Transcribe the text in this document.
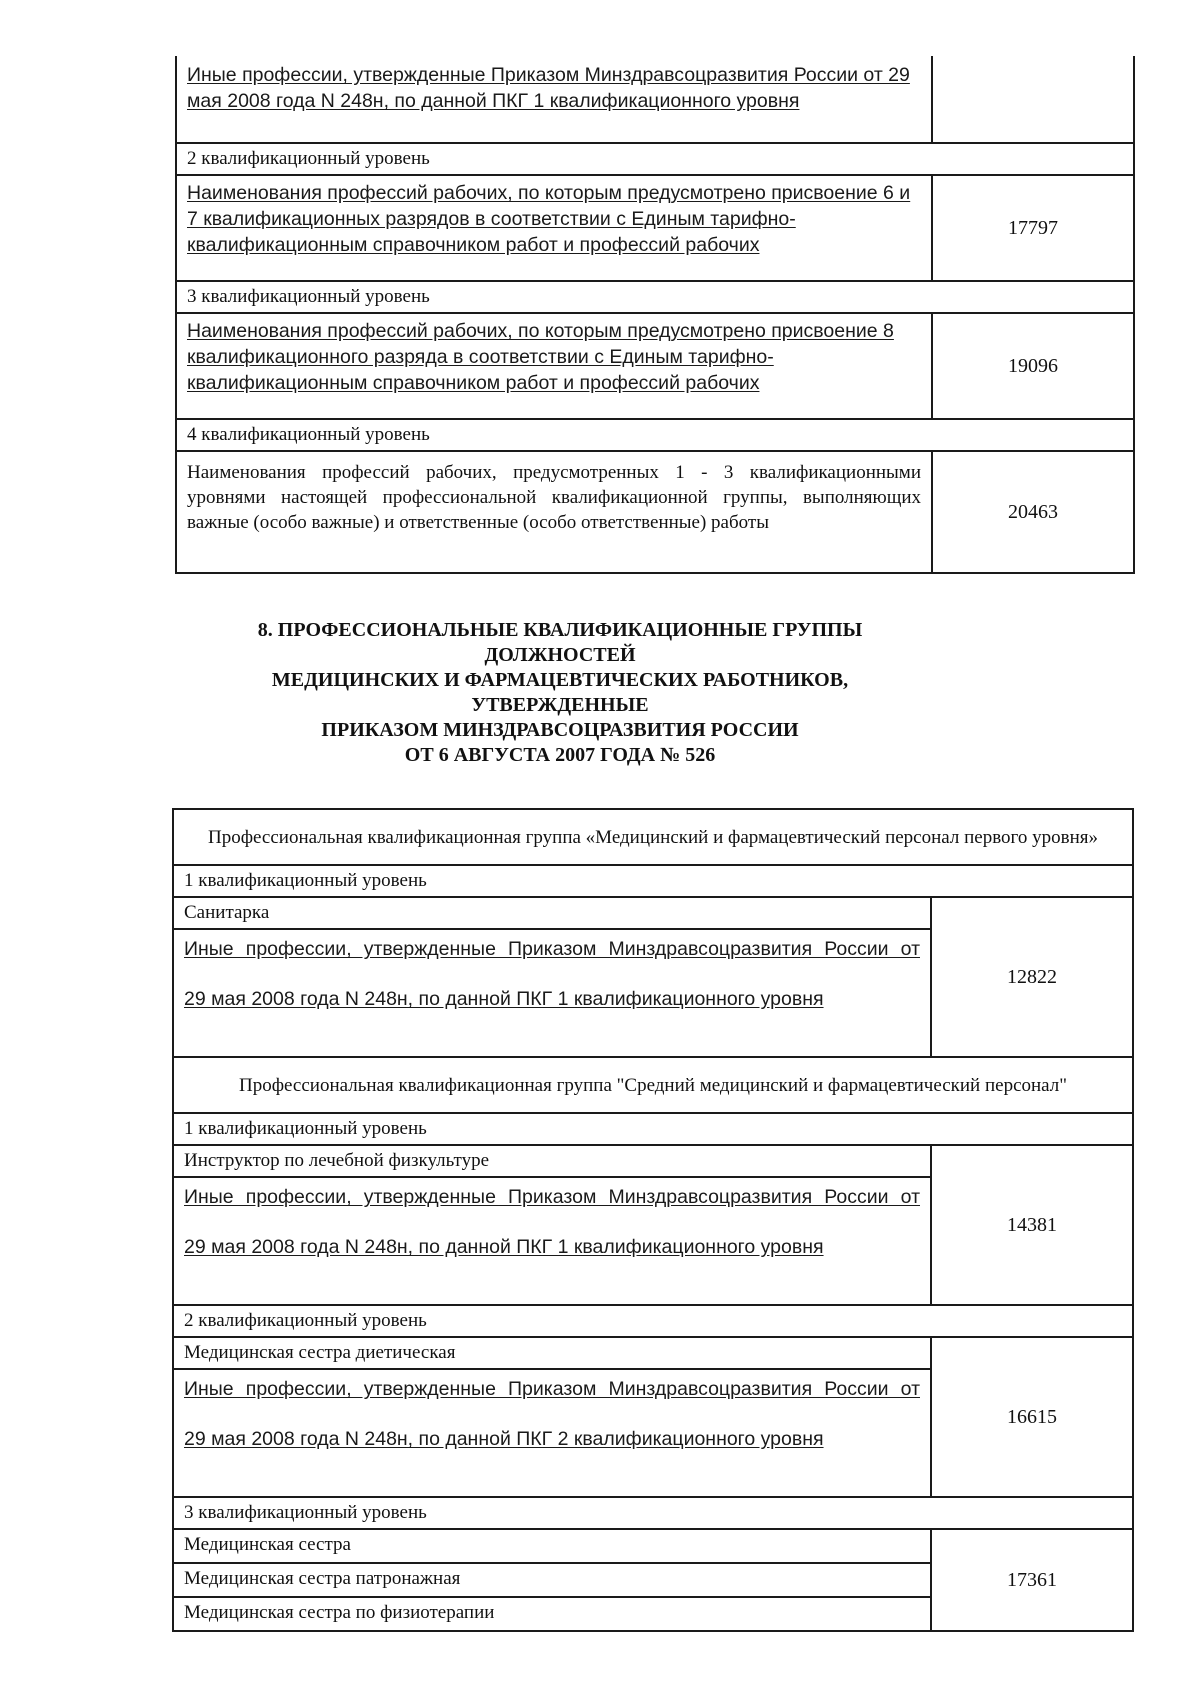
Иные профессии, утвержденные Приказом Минздравсоцразвития России от 29 мая 2008 года N 248н, по данной ПКГ 1 квалификационного уровня
2 квалификационный уровень
Наименования профессий рабочих, по которым предусмотрено присвоение 6 и 7 квалификационных разрядов в соответствии с Единым тарифно-квалификационным справочником работ и профессий рабочих
17797
3 квалификационный уровень
Наименования профессий рабочих, по которым предусмотрено присвоение 8 квалификационного разряда в соответствии с Единым тарифно-квалификационным справочником работ и профессий рабочих
19096
4 квалификационный уровень
Наименования профессий рабочих, предусмотренных 1 - 3 квалификационными уровнями настоящей профессиональной квалификационной группы, выполняющих важные (особо важные) и ответственные (особо ответственные) работы	20463
8. ПРОФЕССИОНАЛЬНЫЕ КВАЛИФИКАЦИОННЫЕ ГРУППЫ
ДОЛЖНОСТЕЙ
МЕДИЦИНСКИХ И ФАРМАЦЕВТИЧЕСКИХ РАБОТНИКОВ,
УТВЕРЖДЕННЫЕ
ПРИКАЗОМ МИНЗДРАВСОЦРАЗВИТИЯ РОССИИ
ОТ 6 АВГУСТА 2007 ГОДА № 526
Профессиональная квалификационная группа «Медицинский и фармацевтический персонал первого уровня»
1 квалификационный уровень
Санитарка
Иные профессии, утвержденные Приказом Минздравсоцразвития России от
29 мая 2008 года N 248н, по данной ПКГ 1 квалификационного уровня
12822
Профессиональная квалификационная группа "Средний медицинский и фармацевтический персонал"
1 квалификационный уровень
Инструктор по лечебной физкультуре
Иные профессии, утвержденные Приказом Минздравсоцразвития России от
29 мая 2008 года N 248н, по данной ПКГ 1 квалификационного уровня
14381
2 квалификационный уровень
Медицинская сестра диетическая
Иные профессии, утвержденные Приказом Минздравсоцразвития России от
29 мая 2008 года N 248н, по данной ПКГ 2 квалификационного уровня
16615
3 квалификационный уровень
Медицинская сестра
Медицинская сестра патронажная
Медицинская сестра по физиотерапии
17361
